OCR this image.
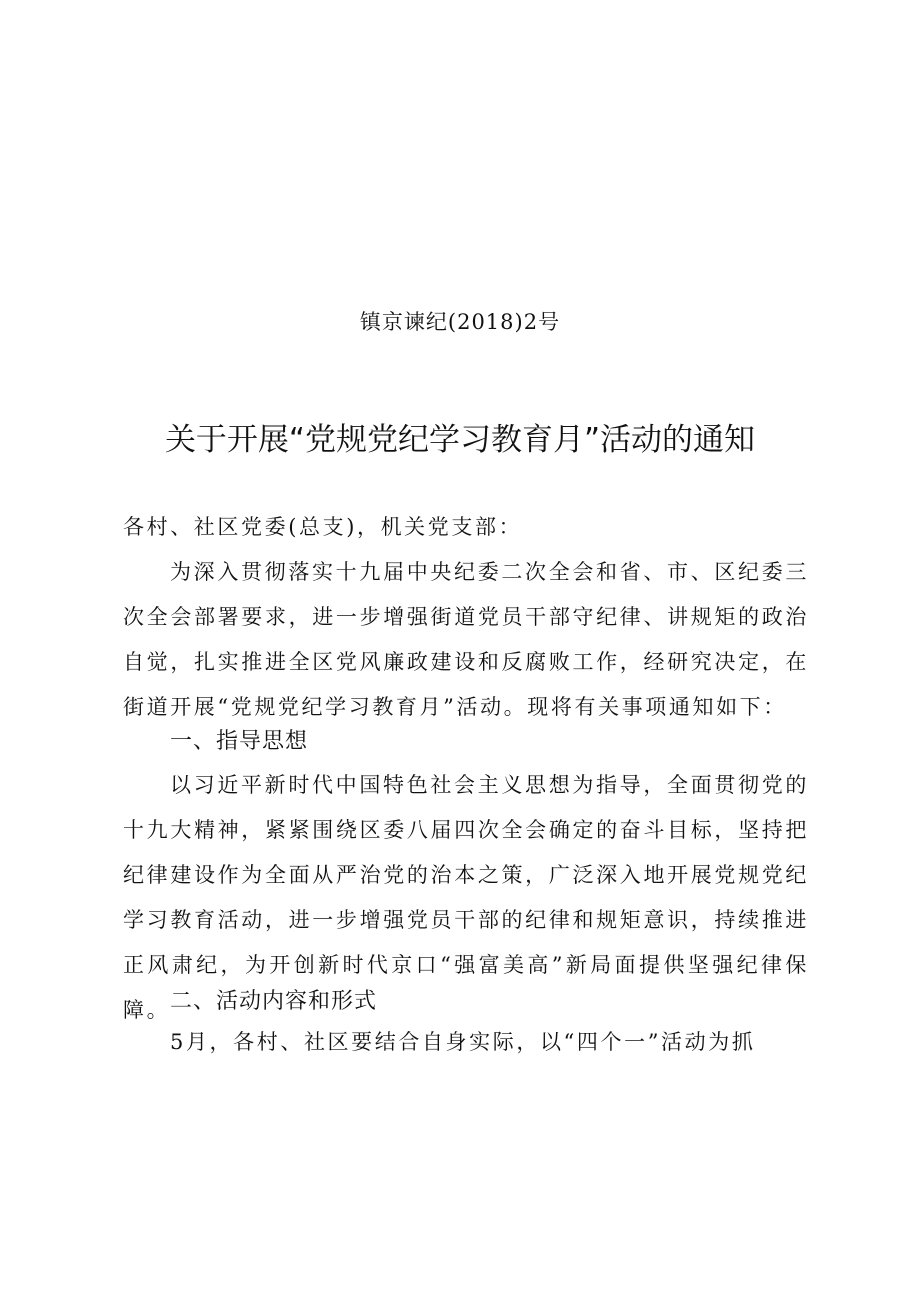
镇京谏纪(2018)2号
关于开展“党规党纪学习教育月”活动的通知
各村、社区党委(总支)，机关党支部：
为深入贯彻落实十九届中央纪委二次全会和省、市、区纪委三次全会部署要求，进一步增强街道党员干部守纪律、讲规矩的政治自觉，扎实推进全区党风廉政建设和反腐败工作，经研究决定，在街道开展“党规党纪学习教育月”活动。现将有关事项通知如下：
一、指导思想
以习近平新时代中国特色社会主义思想为指导，全面贯彻党的十九大精神，紧紧围绕区委八届四次全会确定的奋斗目标，坚持把纪律建设作为全面从严治党的治本之策，广泛深入地开展党规党纪学习教育活动，进一步增强党员干部的纪律和规矩意识，持续推进正风肃纪，为开创新时代京口“强富美高”新局面提供坚强纪律保障。 二、活动内容和形式
5月，各村、社区要结合自身实际，以“四个一”活动为抓
